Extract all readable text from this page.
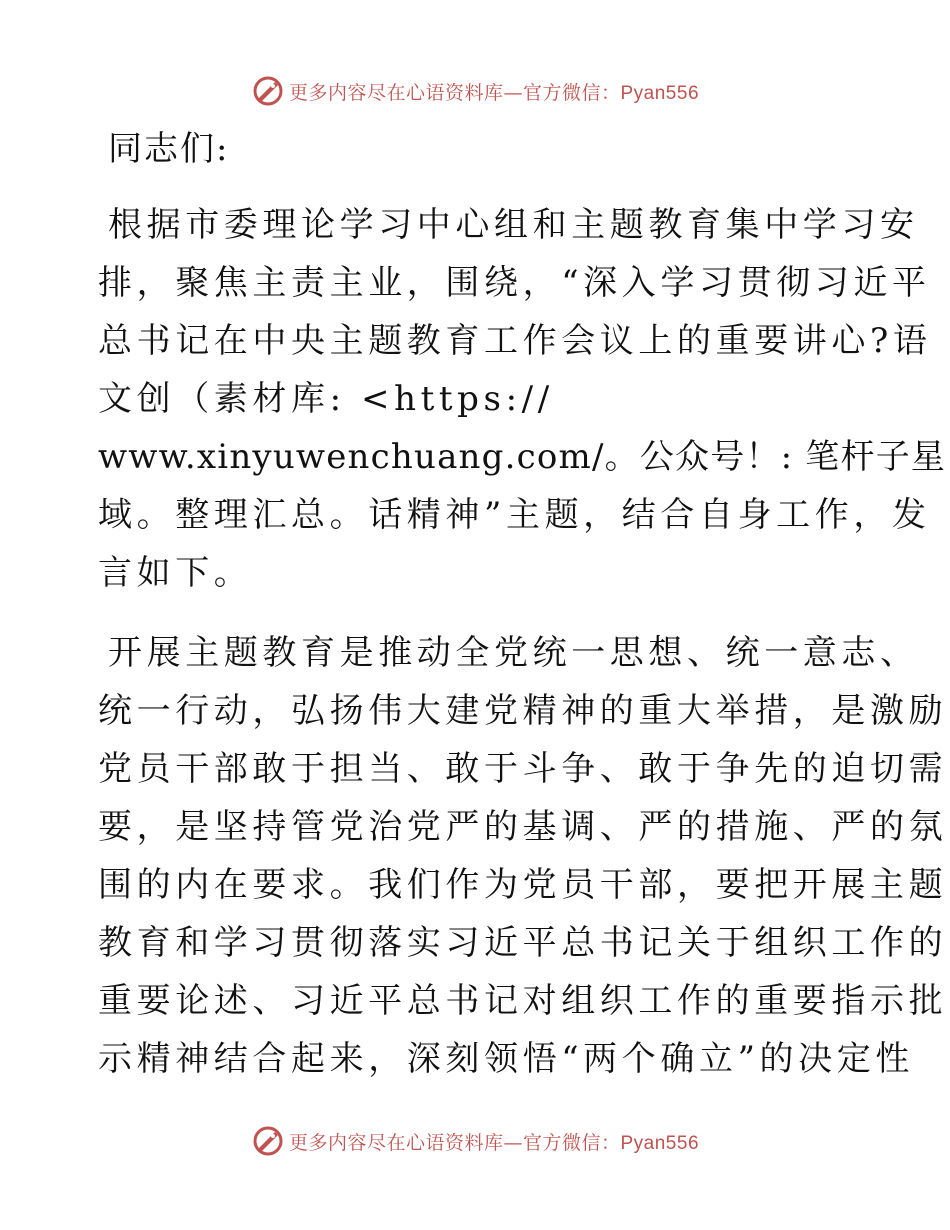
更多内容尽在心语资料库—官方微信：Pyan556
同志们:
根据市委理论学习中心组和主题教育集中学习安
排，聚焦主责主业，围绕，“深入学习贯彻习近平
总书记在中央主题教育工作会议上的重要讲心?语
文创（素材库: <https://
www.xinyuwenchuang.com/。公众号！: 笔杆子星
域。整理汇总。话精神”主题，结合自身工作，发
言如下。
开展主题教育是推动全党统一思想、统一意志、
统一行动，弘扬伟大建党精神的重大举措，是激励
党员干部敢于担当、敢于斗争、敢于争先的迫切需
要，是坚持管党治党严的基调、严的措施、严的氛
围的内在要求。我们作为党员干部，要把开展主题
教育和学习贯彻落实习近平总书记关于组织工作的
重要论述、习近平总书记对组织工作的重要指示批
示精神结合起来，深刻领悟“两个确立”的决定性
更多内容尽在心语资料库—官方微信：Pyan556
